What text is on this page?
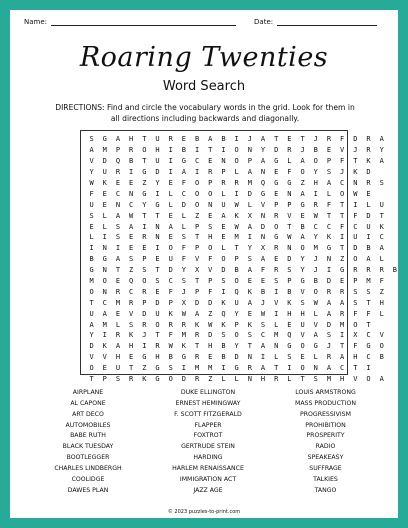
Name:	Date:
Roaring Twenties
Word Search
DIRECTIONS: Find and circle the vocabulary words in the grid. Look for them in all directions including backwards and diagonally.
S	G	A	H	T	U	R	E	B	A	B	I	J	A	T	E	T	J	R	F	D	R	A
A	M	P	R	O	H	I	B	I	T	I	O	N	Y	D	R	J	B	E	V	J	R	Y
V	D	Q	B	T	U	I	G	C	E	N	O	P	A	G	L	A	O	P	F	T	K	A
Y	U	R	I	G	D	I	A	I	R	P	L	A	N	E	F	O	Y	S	J	K	D
W	K	E	E	Z	Y	E	F	O	P	R	R	M	Q	G	G	Z	H	A	C	N	R	S
F	E	C	N	G	I	L	C	O	O	L	I	D	G	E	N	A	I	L	O	W	E
U	E	N	C	Y	G	L	D	O	N	U	W	L	V	P	P	G	R	F	T	I	L	U
S	L	A	W	T	T	E	L	Z	E	A	K	X	N	R	V	E	W	T	T	F	D	T
E	L	S	A	I	N	A	L	P	S	E	W	A	D	O	T	B	C	C	F	C	U	K
L	I	S	E	R	N	E	S	T	H	E	M	I	N	G	W	A	Y	K	I	U	I	C
I	N	I	E	E	I	O	F	P	O	L	T	Y	X	R	N	O	M	G	T	D	B	A
B	G	A	S	P	E	U	F	V	F	O	P	S	A	E	D	Y	J	N	Z	O	A	L
G	N	T	Z	S	T	D	Y	X	V	D	B	A	F	R	S	Y	J	I	G	R	R	R	B
M	O	E	Q	O	S	C	S	T	P	S	O	E	E	S	P	G	B	D	E	P	M	F
O	N	R	C	R	E	F	J	P	F	I	Q	K	B	I	B	V	O	R	R	S	S	Z
T	C	M	R	P	D	P	X	D	D	K	U	A	J	V	K	S	W	A	A	S	T	H
U	A	E	V	D	U	K	W	A	Z	Q	Y	E	W	I	H	H	L	A	R	F	F	L
A	M	L	S	R	O	R	R	K	W	K	P	K	S	L	E	U	V	D	M	O	T
Y	I	R	K	J	T	F	M	R	D	S	O	S	C	M	Q	V	A	S	I	X	C	V
D	K	A	H	I	R	W	K	T	H	B	Y	T	A	N	G	O	G	J	T	F	G	O
V	V	H	E	G	H	B	G	R	E	B	D	N	I	L	S	E	L	R	A	H	C	B
O	E	U	T	Z	G	S	I	M	M	I	G	R	A	T	I	O	N	A	C	T	I
T	P	S	R	K	G	O	D	R	Z	L	L	N	H	R	L	T	S	M	H	V	O	A
AIRPLANE
AL CAPONE
ART DECO
AUTOMOBILES
BABE RUTH
BLACK TUESDAY
BOOTLEGGER
CHARLES LINDBERGH
COOLIDGE
DAWES PLAN
DUKE ELLINGTON
ERNEST HEMINGWAY
F. SCOTT FITZGERALD
FLAPPER
FOXTROT
GERTRUDE STEIN
HARDING
HARLEM RENAISSANCE
IMMIGRATION ACT
JAZZ AGE
LOUIS ARMSTRONG
MASS PRODUCTION
PROGRESSIVISM
PROHIBITION
PROSPERITY
RADIO
SPEAKEASY
SUFFRAGE
TALKIES
TANGO
© 2023 puzzles-to-print.com
